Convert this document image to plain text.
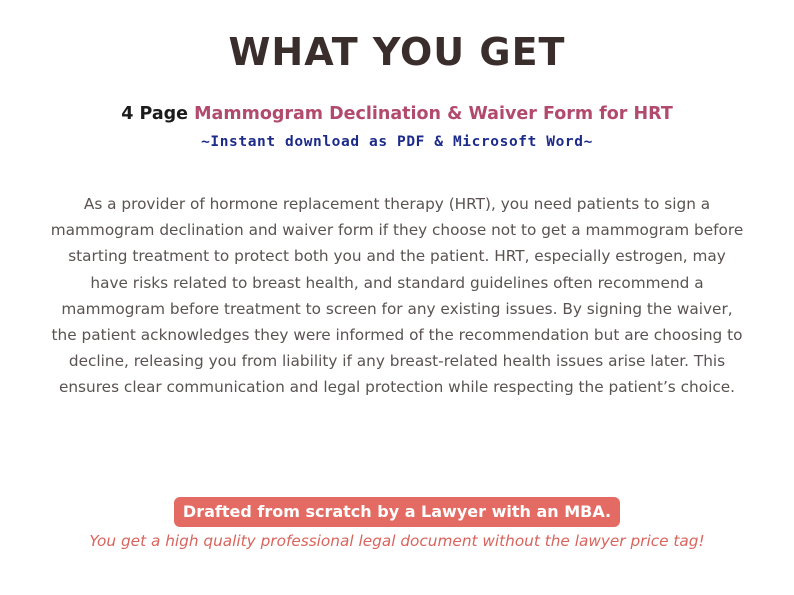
WHAT YOU GET
4 Page Mammogram Declination & Waiver Form for HRT
~Instant download as PDF & Microsoft Word~
As a provider of hormone replacement therapy (HRT), you need patients to sign a mammogram declination and waiver form if they choose not to get a mammogram before starting treatment to protect both you and the patient. HRT, especially estrogen, may have risks related to breast health, and standard guidelines often recommend a mammogram before treatment to screen for any existing issues. By signing the waiver, the patient acknowledges they were informed of the recommendation but are choosing to decline, releasing you from liability if any breast-related health issues arise later. This ensures clear communication and legal protection while respecting the patient’s choice.
Drafted from scratch by a Lawyer with an MBA.
You get a high quality professional legal document without the lawyer price tag!
